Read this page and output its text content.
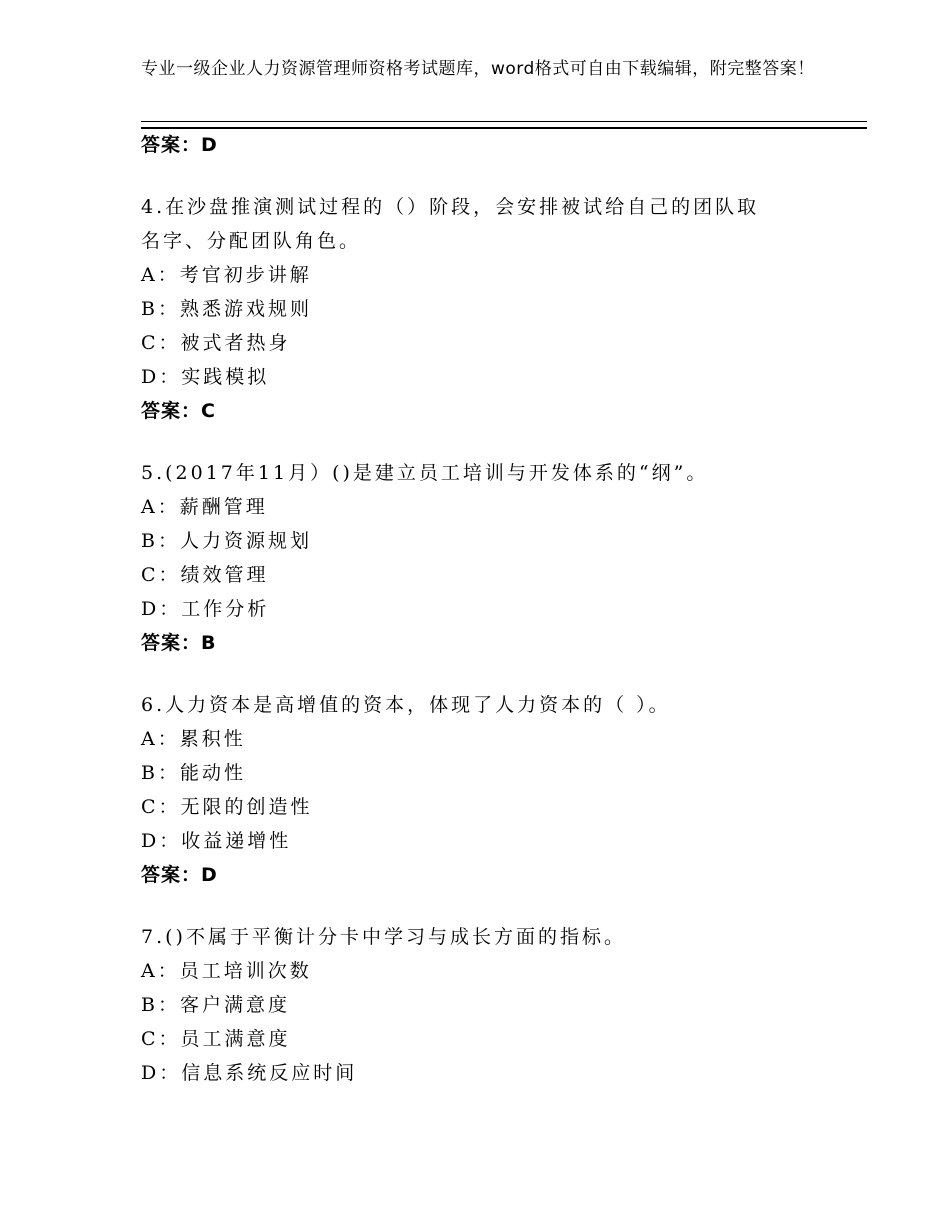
专业一级企业人力资源管理师资格考试题库，word格式可自由下载编辑，附完整答案！
答案：D
4.在沙盘推演测试过程的（）阶段，会安排被试给自己的团队取名字、分配团队角色。
A：考官初步讲解
B：熟悉游戏规则
C：被式者热身
D：实践模拟
答案：C
5.(2017年11月）()是建立员工培训与开发体系的“纲”。
A：薪酬管理
B：人力资源规划
C：绩效管理
D：工作分析
答案：B
6.人力资本是高增值的资本，体现了人力资本的（ ）。
A：累积性
B：能动性
C：无限的创造性
D：收益递增性
答案：D
7.()不属于平衡计分卡中学习与成长方面的指标。
A：员工培训次数
B：客户满意度
C：员工满意度
D：信息系统反应时间
